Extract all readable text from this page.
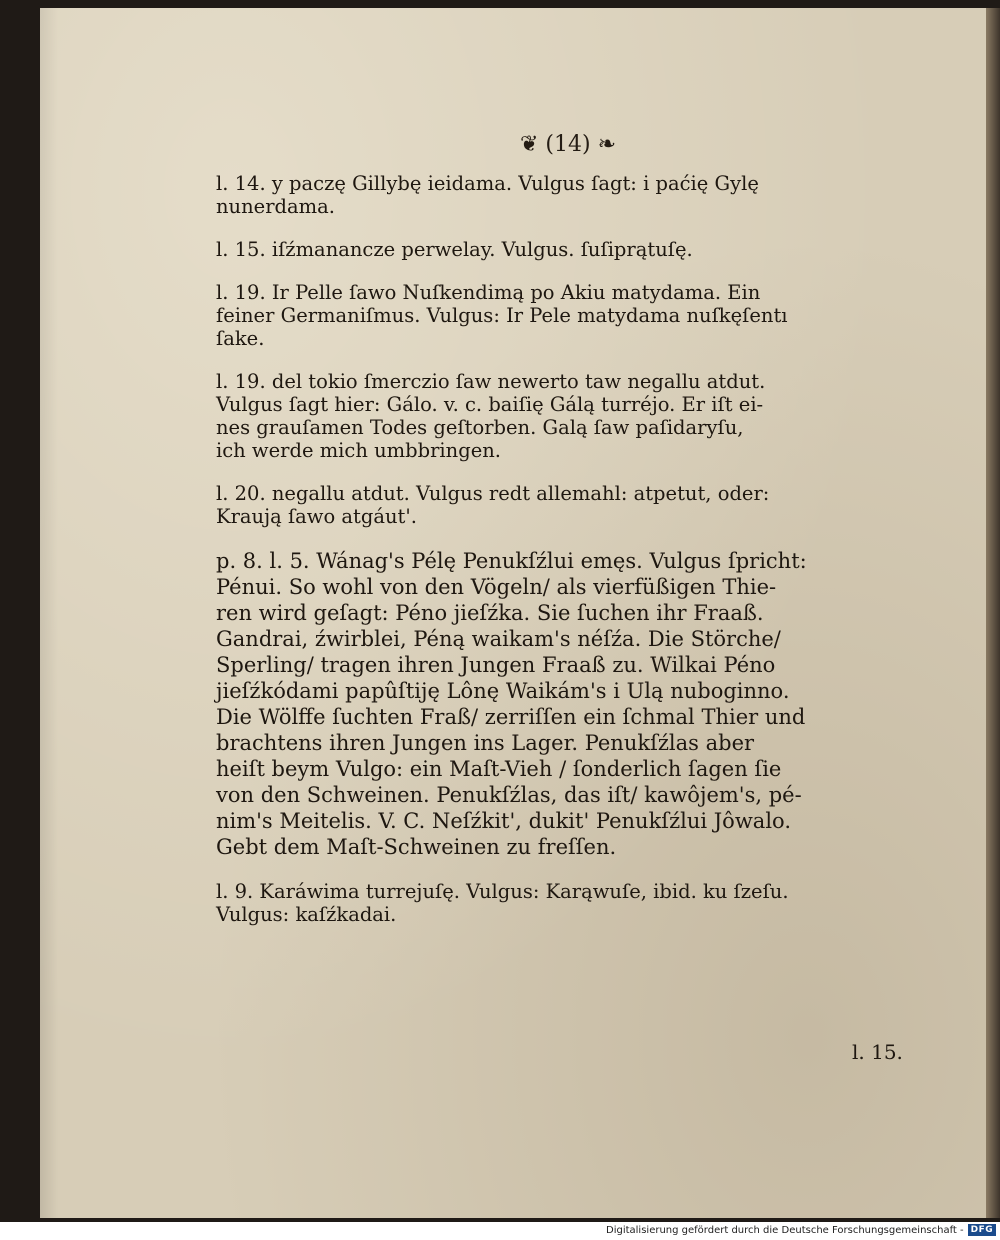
❦ (14) ❧
l. 14. y paczę Gillybę ieidama. Vulgus ſagt: i paćię Gylę
nunerdama.
l. 15. iſźmanancze perwelay. Vulgus. ſuſiprątuſę.
l. 19. Ir Pelle ſawo Nuſkendimą po Akiu matydama. Ein
feiner Germaniſmus. Vulgus: Ir Pele matydama nuſkęſentı
ſake.
l. 19. del tokio ſmerczio ſaw newerto taw negallu atdut.
Vulgus ſagt hier: Gálo. v. c. baiſię Gálą turréjo. Er iſt ei-
nes grauſamen Todes geſtorben. Galą ſaw paſidaryſu,
ich werde mich umbbringen.
l. 20. negallu atdut. Vulgus redt allemahl: atpetut, oder:
Kraują ſawo atgáut'.
p. 8. l. 5. Wánag's Pélę Penukſźlui emęs. Vulgus ſpricht:
Pénui. So wohl von den Vögeln/ als vierfüßigen Thie-
ren wird geſagt: Péno jieſźka. Sie ſuchen ihr Fraaß.
Gandrai, źwirblei, Péną waikam's néſźa. Die Störche/
Sperling/ tragen ihren Jungen Fraaß zu. Wilkai Péno
jieſźkódami papûſtiję Lônę Waikám's i Ulą nuboginno.
Die Wölffe ſuchten Fraß/ zerriſſen ein ſchmal Thier und
brachtens ihren Jungen ins Lager. Penukſźlas aber
heiſt beym Vulgo: ein Maſt-Vieh / ſonderlich ſagen ſie
von den Schweinen. Penukſźlas, das iſt/ kawôjem's, pé-
nim's Meitelis. V. C. Neſźkit', dukit' Penukſźlui Jôwalo.
Gebt dem Maſt-Schweinen zu freſſen.
l. 9. Karáwima turrejuſę. Vulgus: Karąwuſe, ibid. ku ſzeſu.
Vulgus: kaſźkadai.
l. 15.
Digitalisierung gefördert durch die Deutsche Forschungsgemeinschaft - DFG
